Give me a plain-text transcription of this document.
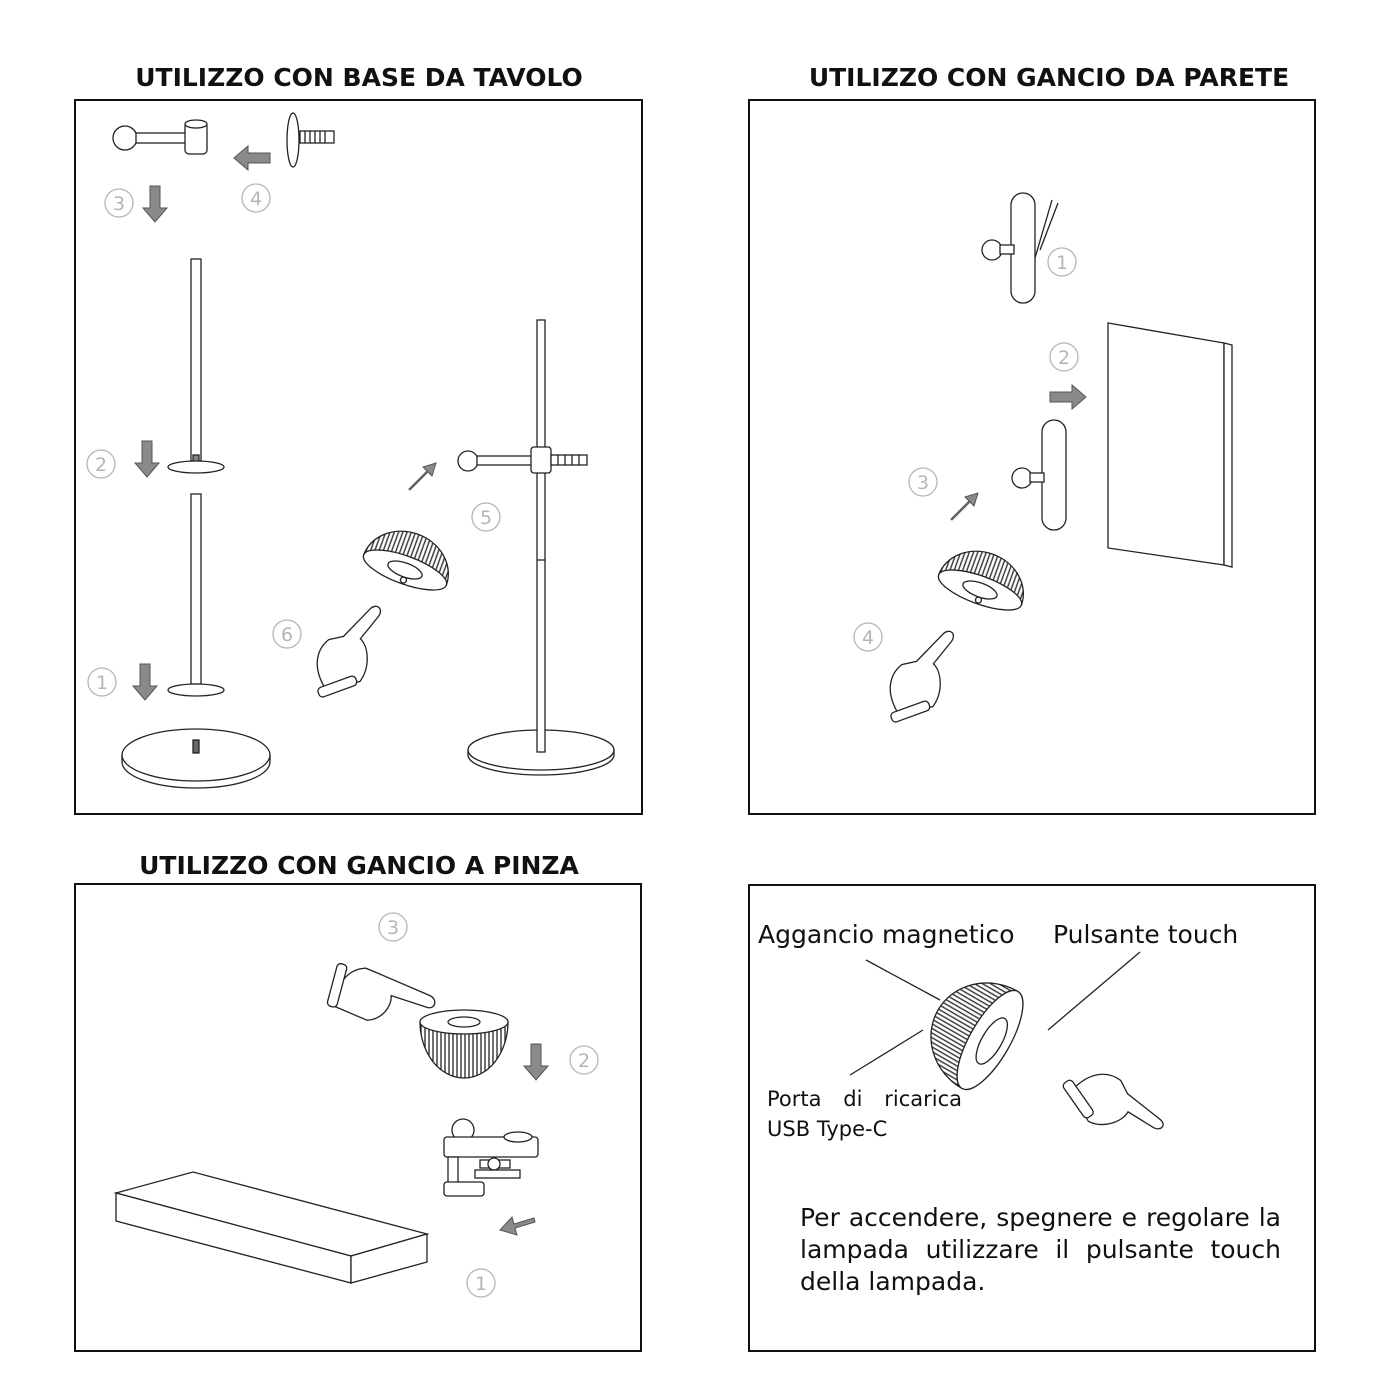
UTILIZZO CON BASE DA TAVOLO	UTILIZZO CON GANCIO DA PARETE
UTILIZZO CON GANCIO A PINZA
1
2
3	4
5
6
1
2
3
4
1
2
3	Aggancio magnetico Pulsante touch
Porta di ricarica
USB Type-C
Per accendere, spegnere e regolare la lampada utilizzare il pulsante touch della lampada.
